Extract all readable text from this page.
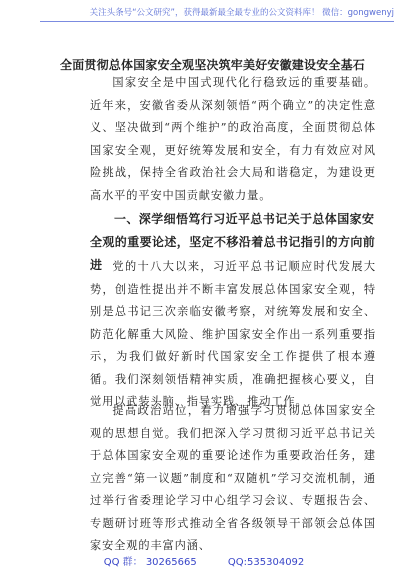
关注头条号“公文研究”，获得最新最全最专业的公文资料库！ 微信：gongwenyj
全面贯彻总体国家安全观坚决筑牢美好安徽建设安全基石
国家安全是中国式现代化行稳致远的重要基础。近年来，安徽省委从深刻领悟“两个确立”的决定性意义、坚决做到“两个维护”的政治高度，全面贯彻总体国家安全观，更好统筹发展和安全，有力有效应对风险挑战，保持全省政治社会大局和谐稳定，为建设更高水平的平安中国贡献安徽力量。
一、深学细悟笃行习近平总书记关于总体国家安全观的重要论述，坚定不移沿着总书记指引的方向前进 党的十八大以来，习近平总书记顺应时代发展大势，创造性提出并不断丰富发展总体国家安全观，特别是总书记三次亲临安徽考察，对统筹发展和安全、防范化解重大风险、维护国家安全作出一系列重要指示，为我们做好新时代国家安全工作提供了根本遵循。我们深刻领悟精神实质，准确把握核心要义，自觉用以武装头脑、指导实践、推动工作。
提高政治站位，着力增强学习贯彻总体国家安全观的思想自觉。我们把深入学习贯彻习近平总书记关于总体国家安全观的重要论述作为重要政治任务，建立完善“第一议题”制度和“双随机”学习交流机制，通过举行省委理论学习中心组学习会议、专题报告会、专题研讨班等形式推动全省各级领导干部领会总体国家安全观的丰富内涵、
QQ 群： 30265665	QQ:535304092
